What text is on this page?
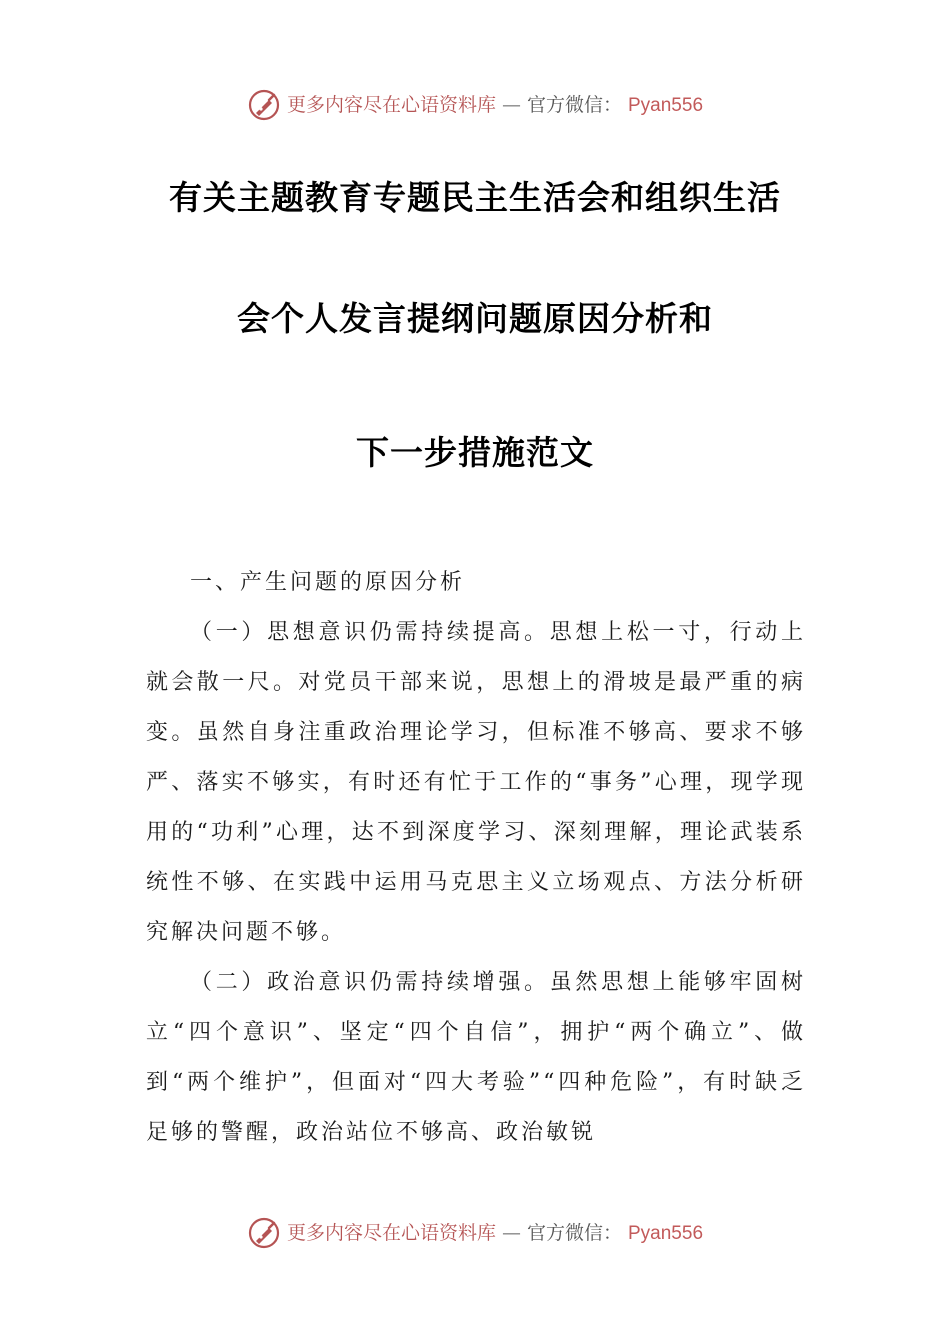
更多内容尽在心语资料库 — 官方微信： Pyan556
有关主题教育专题民主生活会和组织生活
会个人发言提纲问题原因分析和
下一步措施范文

一、产生问题的原因分析

（一）思想意识仍需持续提高。思想上松一寸，行动上就会散一尺。对党员干部来说，思想上的滑坡是最严重的病变。虽然自身注重政治理论学习，但标准不够高、要求不够严、落实不够实，有时还有忙于工作的“事务”心理，现学现用的“功利”心理，达不到深度学习、深刻理解，理论武装系统性不够、在实践中运用马克思主义立场观点、方法分析研究解决问题不够。

（二）政治意识仍需持续增强。虽然思想上能够牢固树立“四个意识”、坚定“四个自信”，拥护“两个确立”、做到“两个维护”，但面对“四大考验”“四种危险”，有时缺乏足够的警醒，政治站位不够高、政治敏锐

更多内容尽在心语资料库 — 官方微信： Pyan556
